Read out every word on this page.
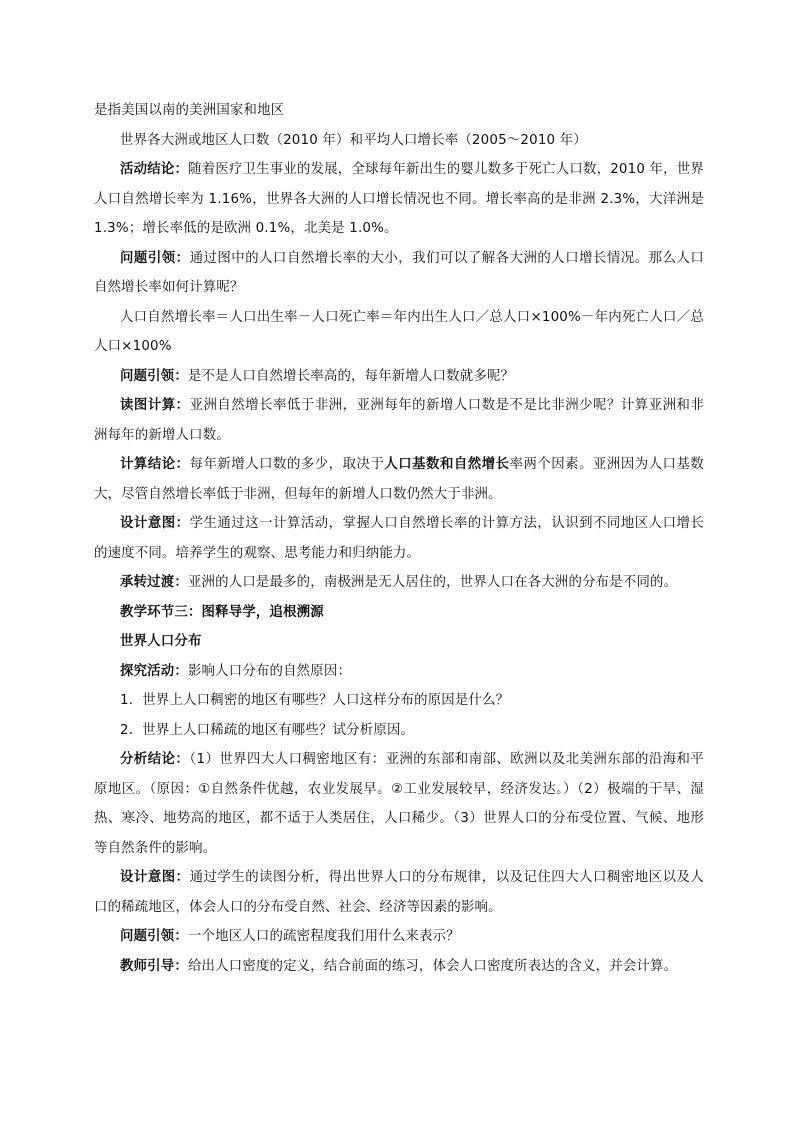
是指美国以南的美洲国家和地区

世界各大洲或地区人口数（2010 年）和平均人口增长率（2005～2010 年）

活动结论：随着医疗卫生事业的发展，全球每年新出生的婴儿数多于死亡人口数，2010 年，世界人口自然增长率为 1.16%，世界各大洲的人口增长情况也不同。增长率高的是非洲 2.3%，大洋洲是 1.3%；增长率低的是欧洲 0.1%，北美是 1.0%。

问题引领：通过图中的人口自然增长率的大小，我们可以了解各大洲的人口增长情况。那么人口自然增长率如何计算呢？

人口自然增长率＝人口出生率－人口死亡率＝年内出生人口／总人口×100%－年内死亡人口／总人口×100%

问题引领：是不是人口自然增长率高的，每年新增人口数就多呢？

读图计算：亚洲自然增长率低于非洲，亚洲每年的新增人口数是不是比非洲少呢？计算亚洲和非洲每年的新增人口数。

计算结论：每年新增人口数的多少，取决于人口基数和自然增长率两个因素。亚洲因为人口基数大，尽管自然增长率低于非洲，但每年的新增人口数仍然大于非洲。

设计意图：学生通过这一计算活动，掌握人口自然增长率的计算方法，认识到不同地区人口增长的速度不同。培养学生的观察、思考能力和归纳能力。

承转过渡：亚洲的人口是最多的，南极洲是无人居住的，世界人口在各大洲的分布是不同的。

教学环节三：图释导学，追根溯源

世界人口分布

探究活动：影响人口分布的自然原因：

1．世界上人口稠密的地区有哪些？人口这样分布的原因是什么？

2．世界上人口稀疏的地区有哪些？试分析原因。

分析结论：（1）世界四大人口稠密地区有：亚洲的东部和南部、欧洲以及北美洲东部的沿海和平原地区。（原因：①自然条件优越，农业发展早。②工业发展较早，经济发达。）（2）极端的干旱、湿热、寒冷、地势高的地区，都不适于人类居住，人口稀少。（3）世界人口的分布受位置、气候、地形等自然条件的影响。

设计意图：通过学生的读图分析，得出世界人口的分布规律，以及记住四大人口稠密地区以及人口的稀疏地区，体会人口的分布受自然、社会、经济等因素的影响。

问题引领：一个地区人口的疏密程度我们用什么来表示？

教师引导：给出人口密度的定义，结合前面的练习，体会人口密度所表达的含义，并会计算。
